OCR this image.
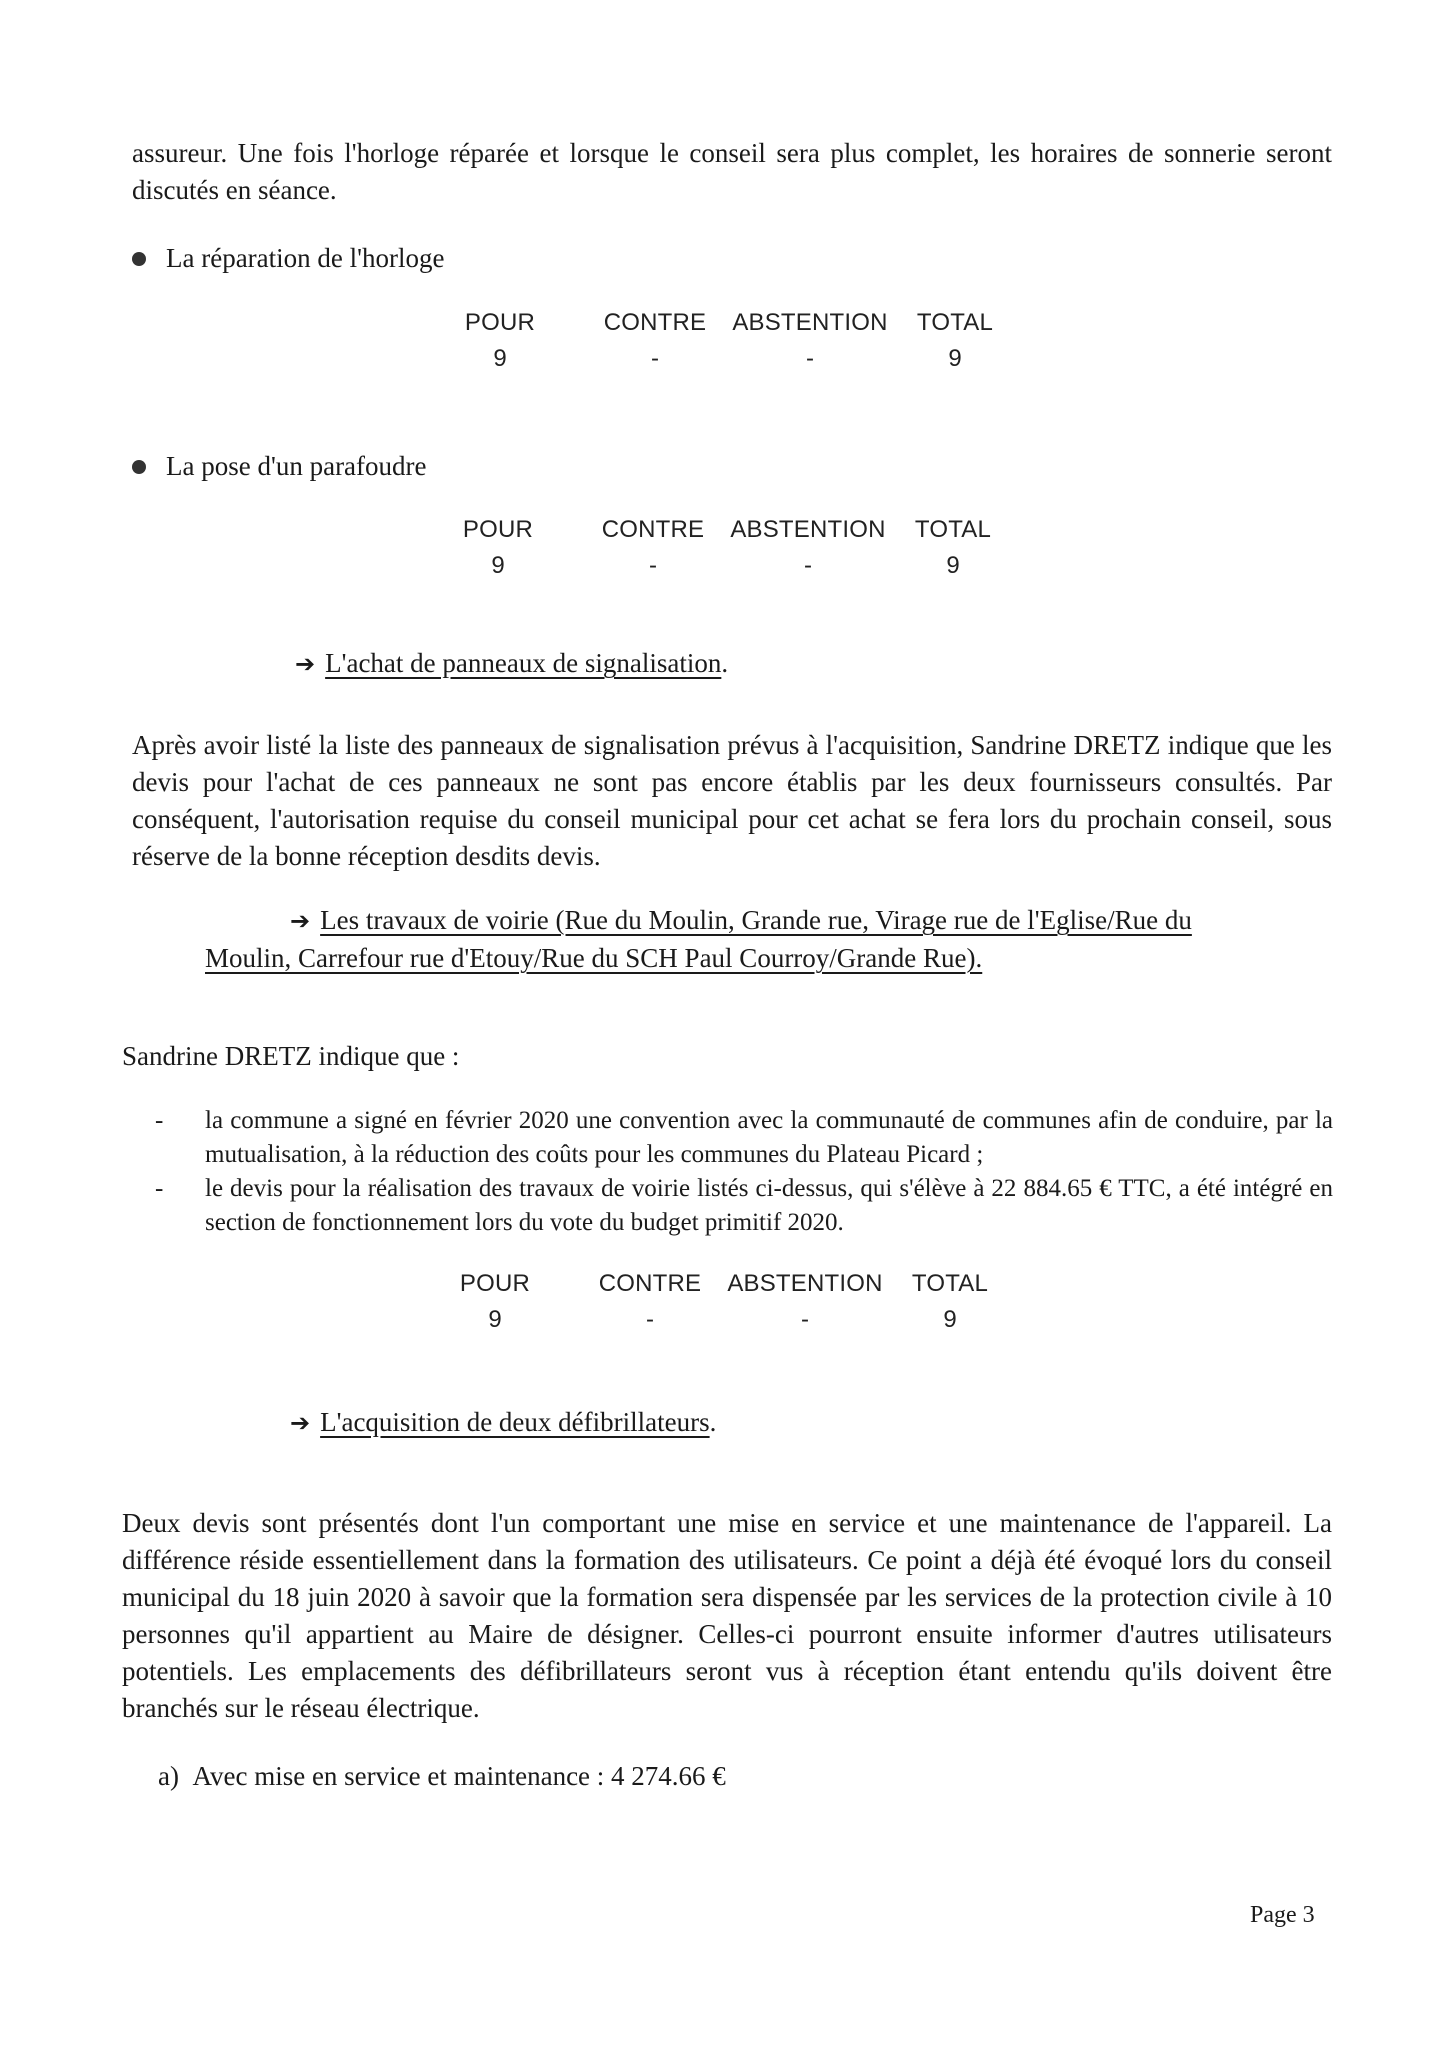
assureur. Une fois l'horloge réparée et lorsque le conseil sera plus complet, les horaires de sonnerie seront discutés en séance.
La réparation de l'horloge
POUR	CONTRE	ABSTENTION	TOTAL
9	-	-	9
La pose d'un parafoudre
POUR	CONTRE	ABSTENTION	TOTAL
9	-	-	9
➔ L'achat de panneaux de signalisation.
Après avoir listé la liste des panneaux de signalisation prévus à l'acquisition, Sandrine DRETZ indique que les devis pour l'achat de ces panneaux ne sont pas encore établis par les deux fournisseurs consultés. Par conséquent, l'autorisation requise du conseil municipal pour cet achat se fera lors du prochain conseil, sous réserve de la bonne réception desdits devis.
➔ Les travaux de voirie (Rue du Moulin, Grande rue, Virage rue de l'Eglise/Rue du
Moulin, Carrefour rue d'Etouy/Rue du SCH Paul Courroy/Grande Rue).
Sandrine DRETZ indique que :
- la commune a signé en février 2020 une convention avec la communauté de communes afin de conduire, par la mutualisation, à la réduction des coûts pour les communes du Plateau Picard ;
- le devis pour la réalisation des travaux de voirie listés ci-dessus, qui s'élève à 22 884.65 € TTC, a été intégré en section de fonctionnement lors du vote du budget primitif 2020.
POUR	CONTRE	ABSTENTION	TOTAL
9	-	-	9
➔ L'acquisition de deux défibrillateurs.
Deux devis sont présentés dont l'un comportant une mise en service et une maintenance de l'appareil. La différence réside essentiellement dans la formation des utilisateurs. Ce point a déjà été évoqué lors du conseil municipal du 18 juin 2020 à savoir que la formation sera dispensée par les services de la protection civile à 10 personnes qu'il appartient au Maire de désigner. Celles-ci pourront ensuite informer d'autres utilisateurs potentiels. Les emplacements des défibrillateurs seront vus à réception étant entendu qu'ils doivent être branchés sur le réseau électrique.
a) Avec mise en service et maintenance : 4 274.66 €
Page 3
